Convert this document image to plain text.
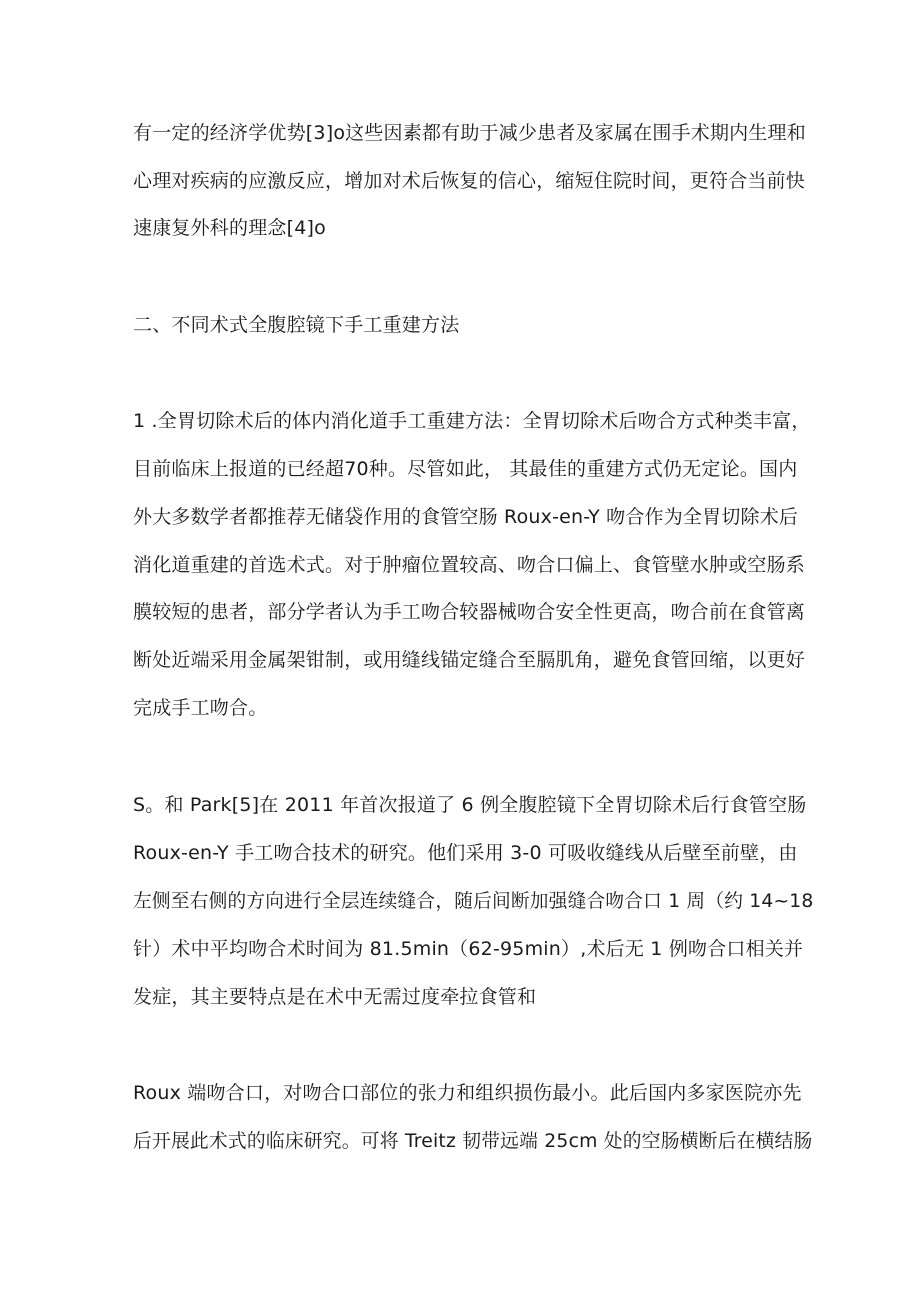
有一定的经济学优势[3]o这些因素都有助于减少患者及家属在围手术期内生理和
心理对疾病的应激反应，增加对术后恢复的信心，缩短住院时间，更符合当前快
速康复外科的理念[4]o
二、不同术式全腹腔镜下手工重建方法
1 .全胃切除术后的体内消化道手工重建方法：全胃切除术后吻合方式种类丰富，
目前临床上报道的已经超70种。尽管如此， 其最佳的重建方式仍无定论。国内
外大多数学者都推荐无储袋作用的食管空肠 Roux-en-Y 吻合作为全胃切除术后
消化道重建的首选术式。对于肿瘤位置较高、吻合口偏上、食管壁水肿或空肠系
膜较短的患者，部分学者认为手工吻合较器械吻合安全性更高，吻合前在食管离
断处近端采用金属架钳制，或用缝线锚定缝合至膈肌角，避免食管回缩，以更好
完成手工吻合。
S。和 Park[5]在 2011 年首次报道了 6 例全腹腔镜下全胃切除术后行食管空肠
Roux-en-Y 手工吻合技术的研究。他们采用 3-0 可吸收缝线从后壁至前壁，由
左侧至右侧的方向进行全层连续缝合，随后间断加强缝合吻合口 1 周（约 14~18
针）术中平均吻合术时间为 81.5min（62-95min）,术后无 1 例吻合口相关并
发症，其主要特点是在术中无需过度牵拉食管和
Roux 端吻合口，对吻合口部位的张力和组织损伤最小。此后国内多家医院亦先
后开展此术式的临床研究。可将 Treitz 韧带远端 25cm 处的空肠横断后在横结肠
